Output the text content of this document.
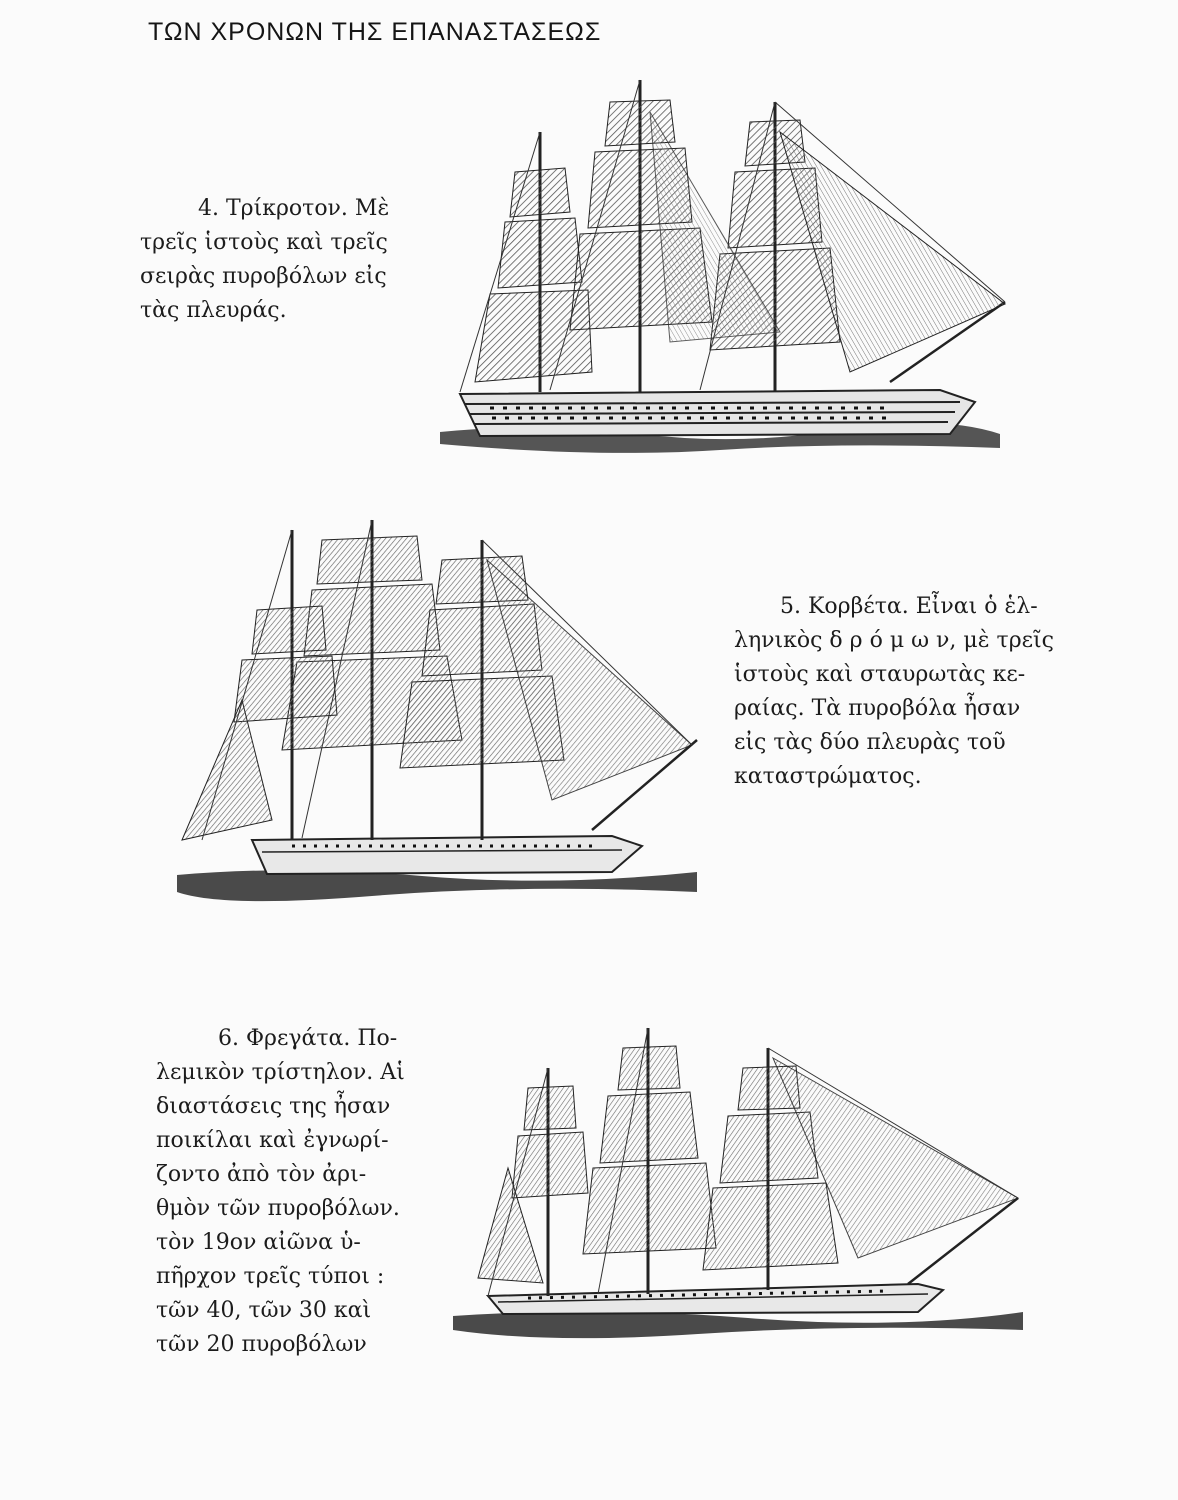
ΤΩΝ ΧΡΟΝΩΝ ΤΗΣ ΕΠΑΝΑΣΤΑΣΕΩΣ

4. Τρίκροτον. Μὲ

τρεῖς ἱστοὺς καὶ τρεῖς

σειρὰς πυροβόλων εἰς

τὰς πλευράς.

5. Κορβέτα. Εἶναι ὁ ἑλ-

ληνικὸς δ ρ ό μ ω ν, μὲ τρεῖς

ἱστοὺς καὶ σταυρωτὰς κε-

ραίας. Τὰ πυροβόλα ἦσαν

εἰς τὰς δύο πλευρὰς τοῦ

καταστρώματος.

6. Φρεγάτα. Πο-

λεμικὸν τρίστηλον. Αἱ

διαστάσεις της ἦσαν

ποικίλαι καὶ ἐγνωρί-

ζοντο ἀπὸ τὸν ἀρι-

θμὸν τῶν πυροβόλων.

τὸν 19ον αἰῶνα ὑ-

πῆρχον τρεῖς τύποι :

τῶν 40, τῶν 30 καὶ

τῶν 20 πυροβόλων
